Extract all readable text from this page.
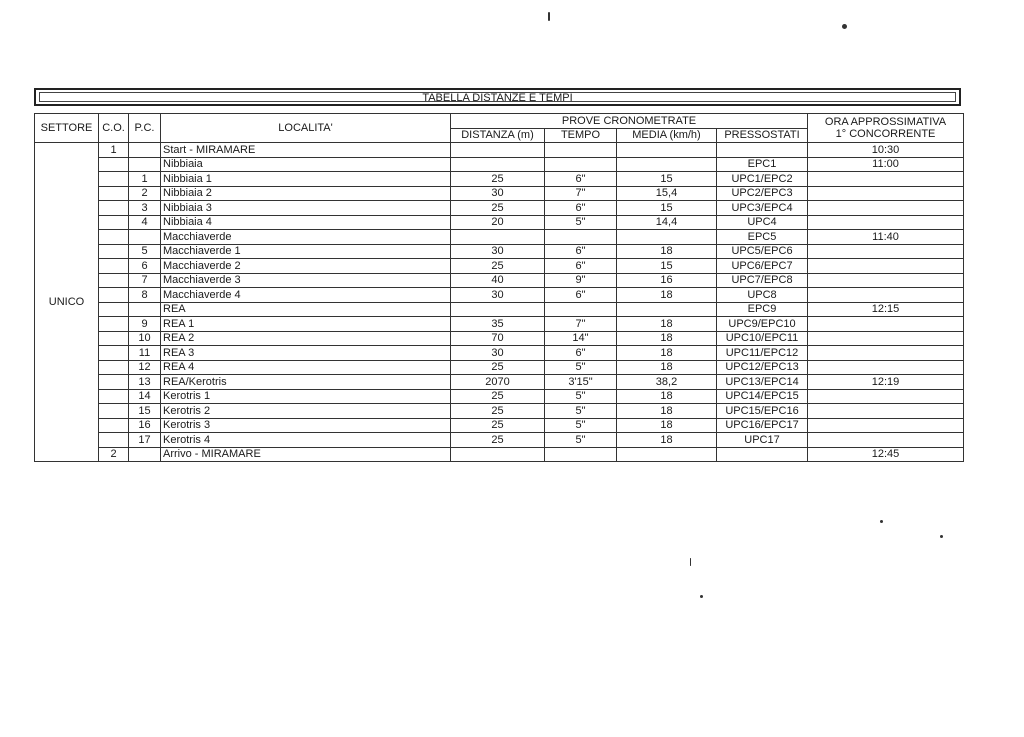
TABELLA DISTANZE E TEMPI
SETTORE	C.O.	P.C.	LOCALITA'	PROVE CRONOMETRATE				ORA APPROSSIMATIVA
1° CONCORRENTE

				DISTANZA (m)	TEMPO	MEDIA (km/h)	PRESSOSTATI	
UNICO	1		Start - MIRAMARE					10:30
			Nibbiaia				EPC1	11:00
		1	Nibbiaia 1	25	6"	15	UPC1/EPC2	
		2	Nibbiaia 2	30	7"	15,4	UPC2/EPC3	
		3	Nibbiaia 3	25	6"	15	UPC3/EPC4	
		4	Nibbiaia 4	20	5"	14,4	UPC4	
			Macchiaverde				EPC5	11:40
		5	Macchiaverde 1	30	6"	18	UPC5/EPC6	
		6	Macchiaverde 2	25	6"	15	UPC6/EPC7	
		7	Macchiaverde 3	40	9"	16	UPC7/EPC8	
		8	Macchiaverde 4	30	6"	18	UPC8	
			REA				EPC9	12:15
		9	REA 1	35	7"	18	UPC9/EPC10	
		10	REA 2	70	14"	18	UPC10/EPC11	
		11	REA 3	30	6"	18	UPC11/EPC12	
		12	REA 4	25	5"	18	UPC12/EPC13	
		13	REA/Kerotris	2070	3'15"	38,2	UPC13/EPC14	12:19
		14	Kerotris 1	25	5"	18	UPC14/EPC15	
		15	Kerotris 2	25	5"	18	UPC15/EPC16	
		16	Kerotris 3	25	5"	18	UPC16/EPC17	
		17	Kerotris 4	25	5"	18	UPC17	
	2		Arrivo - MIRAMARE					12:45
